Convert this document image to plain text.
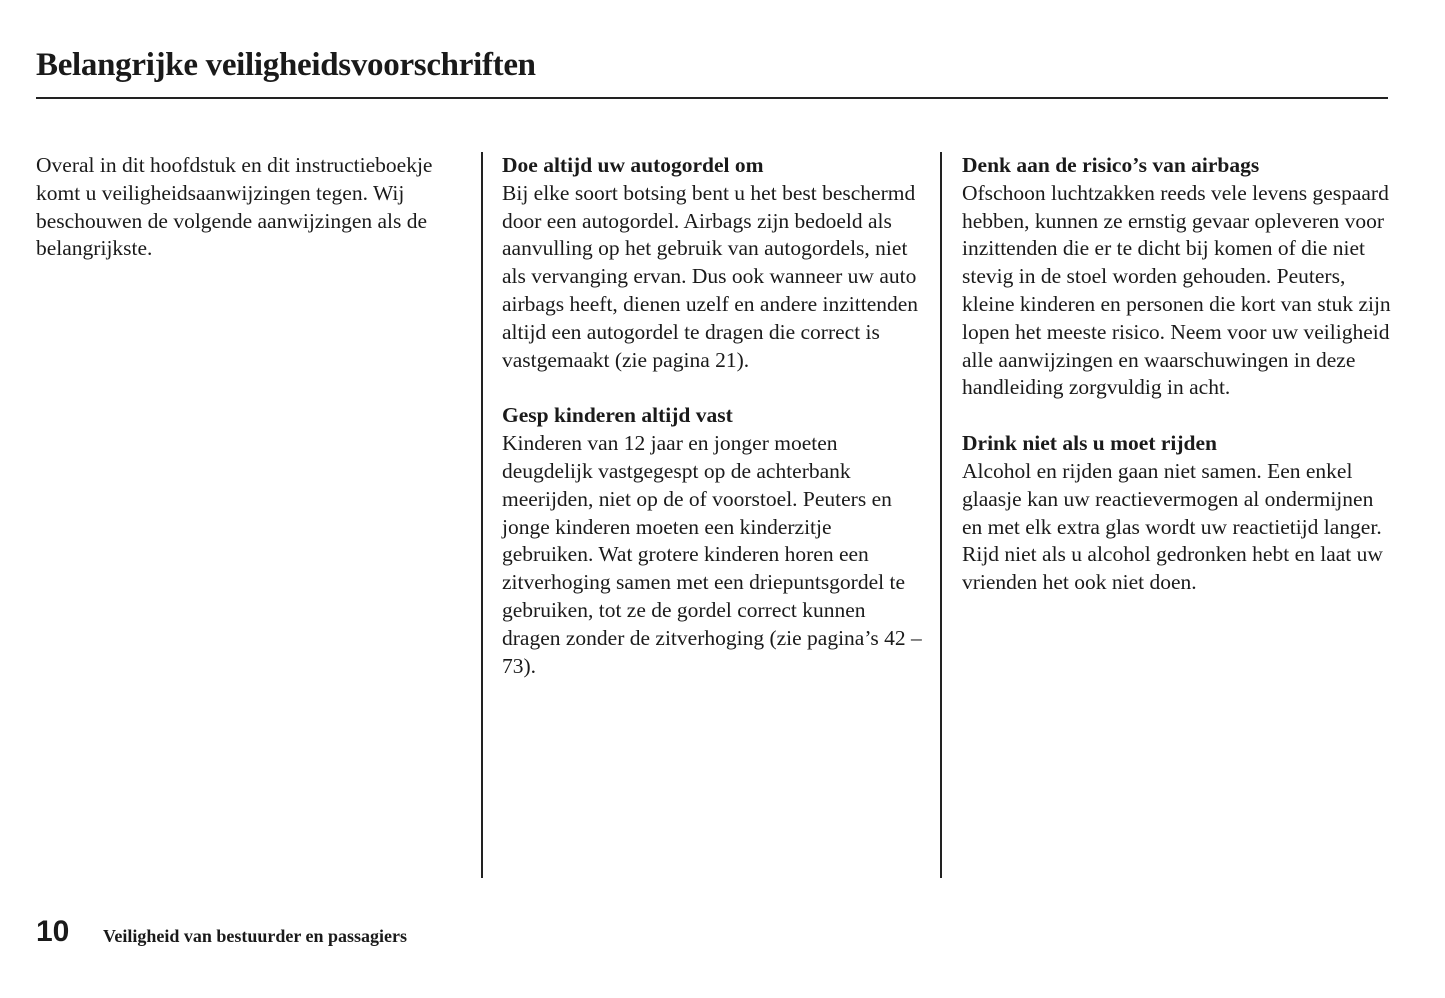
Belangrijke veiligheidsvoorschriften

Overal in dit hoofdstuk en dit instructieboekje komt u veiligheidsaanwijzingen tegen. Wij beschouwen de volgende aanwijzingen als de belangrijkste.

Doe altijd uw autogordel om

Bij elke soort botsing bent u het best beschermd door een autogordel. Airbags zijn bedoeld als aanvulling op het gebruik van autogordels, niet als vervanging ervan. Dus ook wanneer uw auto airbags heeft, dienen uzelf en andere inzittenden altijd een autogordel te dragen die correct is vastgemaakt (zie pagina 21).

Gesp kinderen altijd vast

Kinderen van 12 jaar en jonger moeten deugdelijk vastgegespt op de achterbank meerijden, niet op de of voorstoel. Peuters en jonge kinderen moeten een kinderzitje gebruiken. Wat grotere kinderen horen een zitverhoging samen met een driepuntsgordel te gebruiken, tot ze de gordel correct kunnen dragen zonder de zitverhoging (zie pagina’s 42 – 73).

Denk aan de risico’s van airbags

Ofschoon luchtzakken reeds vele levens gespaard hebben, kunnen ze ernstig gevaar opleveren voor inzittenden die er te dicht bij komen of die niet stevig in de stoel worden gehouden. Peuters, kleine kinderen en personen die kort van stuk zijn lopen het meeste risico. Neem voor uw veiligheid alle aanwijzingen en waarschuwingen in deze handleiding zorgvuldig in acht.

Drink niet als u moet rijden

Alcohol en rijden gaan niet samen. Een enkel glaasje kan uw reactievermogen al ondermijnen en met elk extra glas wordt uw reactietijd langer. Rijd niet als u alcohol gedronken hebt en laat uw vrienden het ook niet doen.

10 Veiligheid van bestuurder en passagiers
